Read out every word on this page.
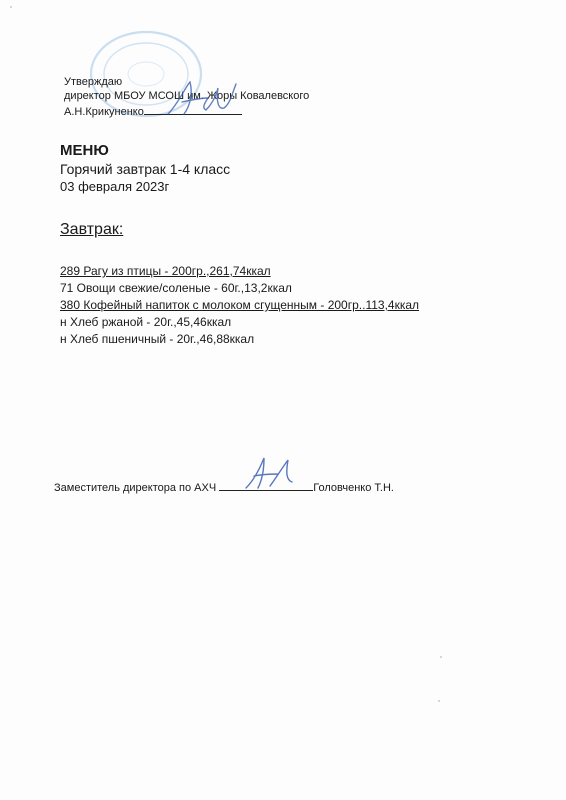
Утверждаю
директор МБОУ МСОШ им. Жоры Ковалевского
А.Н.Крикуненко
МЕНЮ
Горячий завтрак 1-4 класс
03 февраля 2023г
Завтрак:
289 Рагу из птицы - 200гр.,261,74ккал
71 Овощи свежие/соленые - 60г.,13,2ккал
380 Кофейный напиток с молоком сгущенным - 200гр..113,4ккал
н Хлеб ржаной - 20г.,45,46ккал
н Хлеб пшеничный - 20г.,46,88ккал
Заместитель директора по АХЧ	Головченко Т.Н.
